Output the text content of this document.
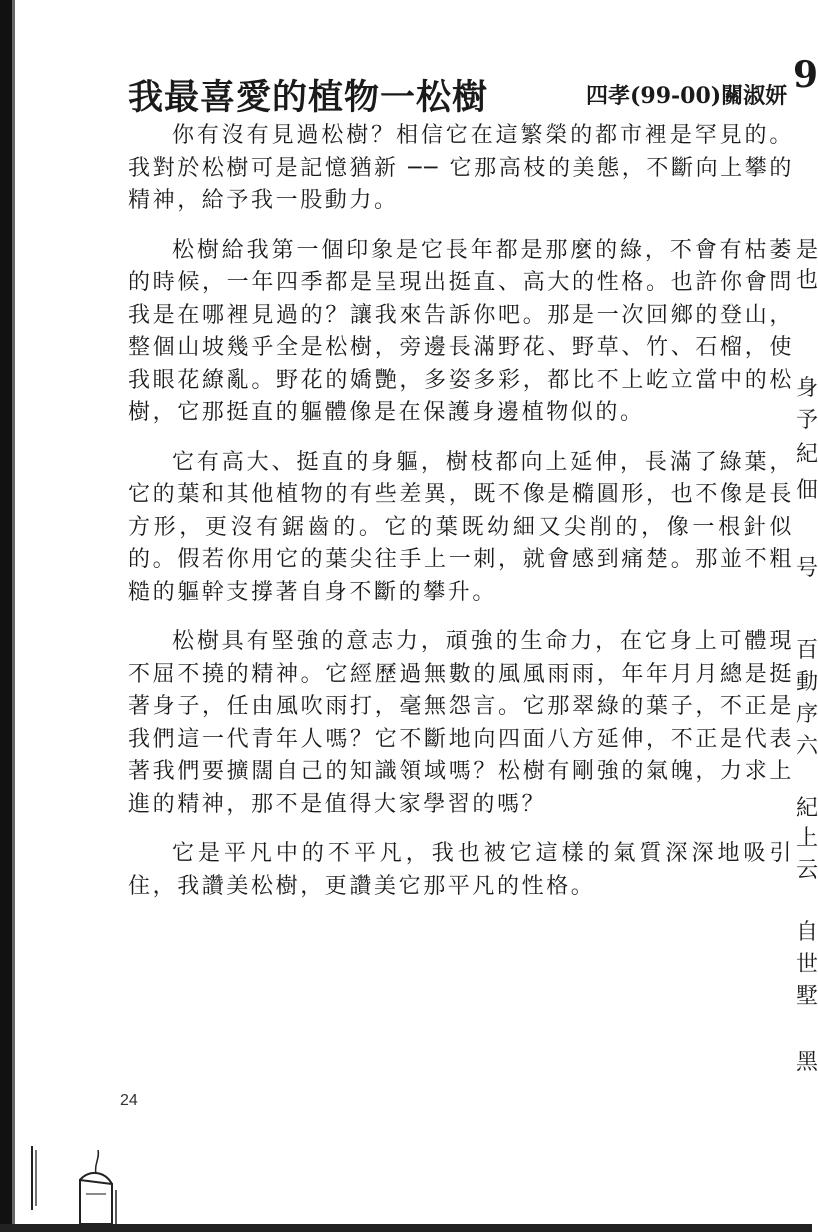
我最喜愛的植物一松樹	四孝(99-00)關淑妍

你有沒有見過松樹？相信它在這繁榮的都市裡是罕見的。我對於松樹可是記憶猶新 ── 它那高枝的美態，不斷向上攀的精神，給予我一股動力。

松樹給我第一個印象是它長年都是那麼的綠，不會有枯萎的時候，一年四季都是呈現出挺直、高大的性格。也許你會問我是在哪裡見過的？讓我來告訴你吧。那是一次回鄉的登山，整個山坡幾乎全是松樹，旁邊長滿野花、野草、竹、石榴，使我眼花繚亂。野花的嬌艷，多姿多彩，都比不上屹立當中的松樹，它那挺直的軀體像是在保護身邊植物似的。

它有高大、挺直的身軀，樹枝都向上延伸，長滿了綠葉，它的葉和其他植物的有些差異，既不像是橢圓形，也不像是長方形，更沒有鋸齒的。它的葉既幼細又尖削的，像一根針似的。假若你用它的葉尖往手上一刺，就會感到痛楚。那並不粗糙的軀幹支撐著自身不斷的攀升。

松樹具有堅強的意志力，頑強的生命力，在它身上可體現不屈不撓的精神。它經歷過無數的風風雨雨，年年月月總是挺著身子，任由風吹雨打，毫無怨言。它那翠綠的葉子，不正是我們這一代青年人嗎？它不斷地向四面八方延伸，不正是代表著我們要擴闊自己的知識領域嗎？松樹有剛強的氣魄，力求上進的精神，那不是值得大家學習的嗎？

它是平凡中的不平凡，我也被它這樣的氣質深深地吸引住，我讚美松樹，更讚美它那平凡的性格。

9
是
也
身
予
紀
佃
号
百
動
序
六
紀
上
云
自
世
墅
黑
24
